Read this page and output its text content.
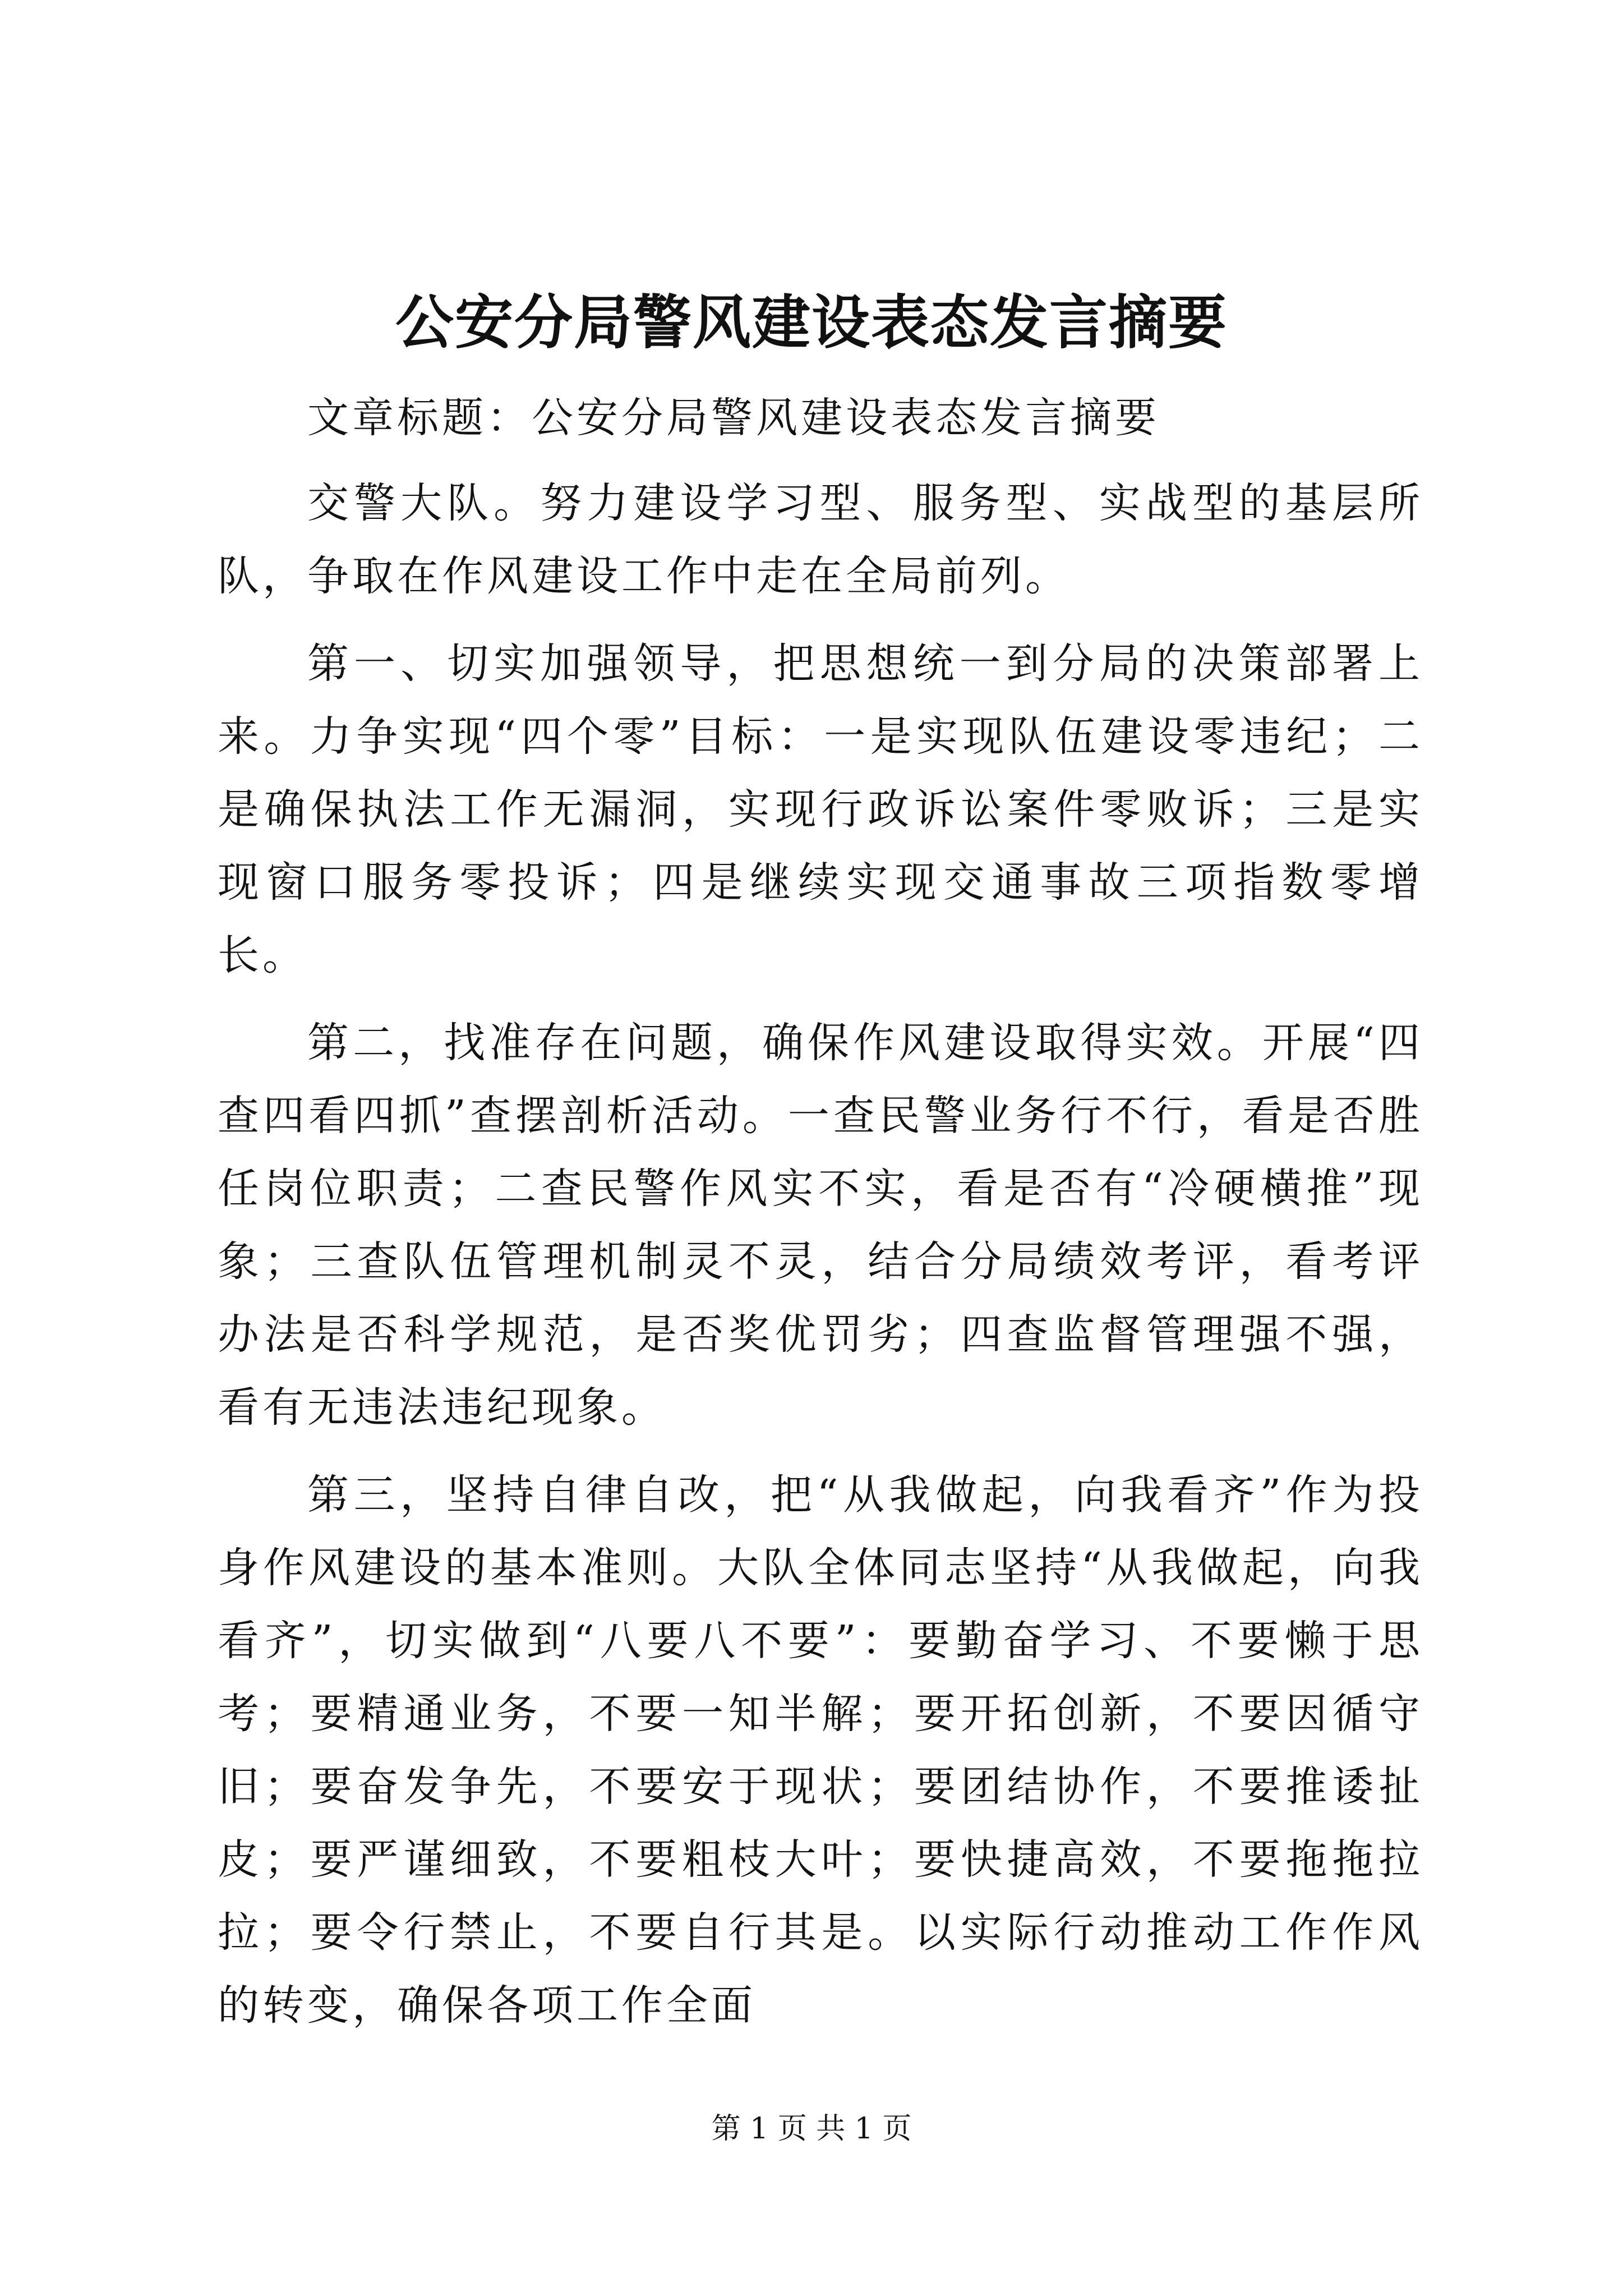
公安分局警风建设表态发言摘要

文章标题：公安分局警风建设表态发言摘要

交警大队。努力建设学习型、服务型、实战型的基层所队，争取在作风建设工作中走在全局前列。

第一、切实加强领导，把思想统一到分局的决策部署上来。力争实现“四个零”目标：一是实现队伍建设零违纪；二是确保执法工作无漏洞，实现行政诉讼案件零败诉；三是实现窗口服务零投诉；四是继续实现交通事故三项指数零增长。

第二，找准存在问题，确保作风建设取得实效。开展“四查四看四抓”查摆剖析活动。一查民警业务行不行，看是否胜任岗位职责；二查民警作风实不实，看是否有“冷硬横推”现象；三查队伍管理机制灵不灵，结合分局绩效考评，看考评办法是否科学规范，是否奖优罚劣；四查监督管理强不强，看有无违法违纪现象。

第三，坚持自律自改，把“从我做起，向我看齐”作为投身作风建设的基本准则。大队全体同志坚持“从我做起，向我看齐”，切实做到“八要八不要”：要勤奋学习、不要懒于思考；要精通业务，不要一知半解；要开拓创新，不要因循守旧；要奋发争先，不要安于现状；要团结协作，不要推诿扯皮；要严谨细致，不要粗枝大叶；要快捷高效，不要拖拖拉拉；要令行禁止，不要自行其是。以实际行动推动工作作风的转变，确保各项工作全面

第 1 页 共 1 页
